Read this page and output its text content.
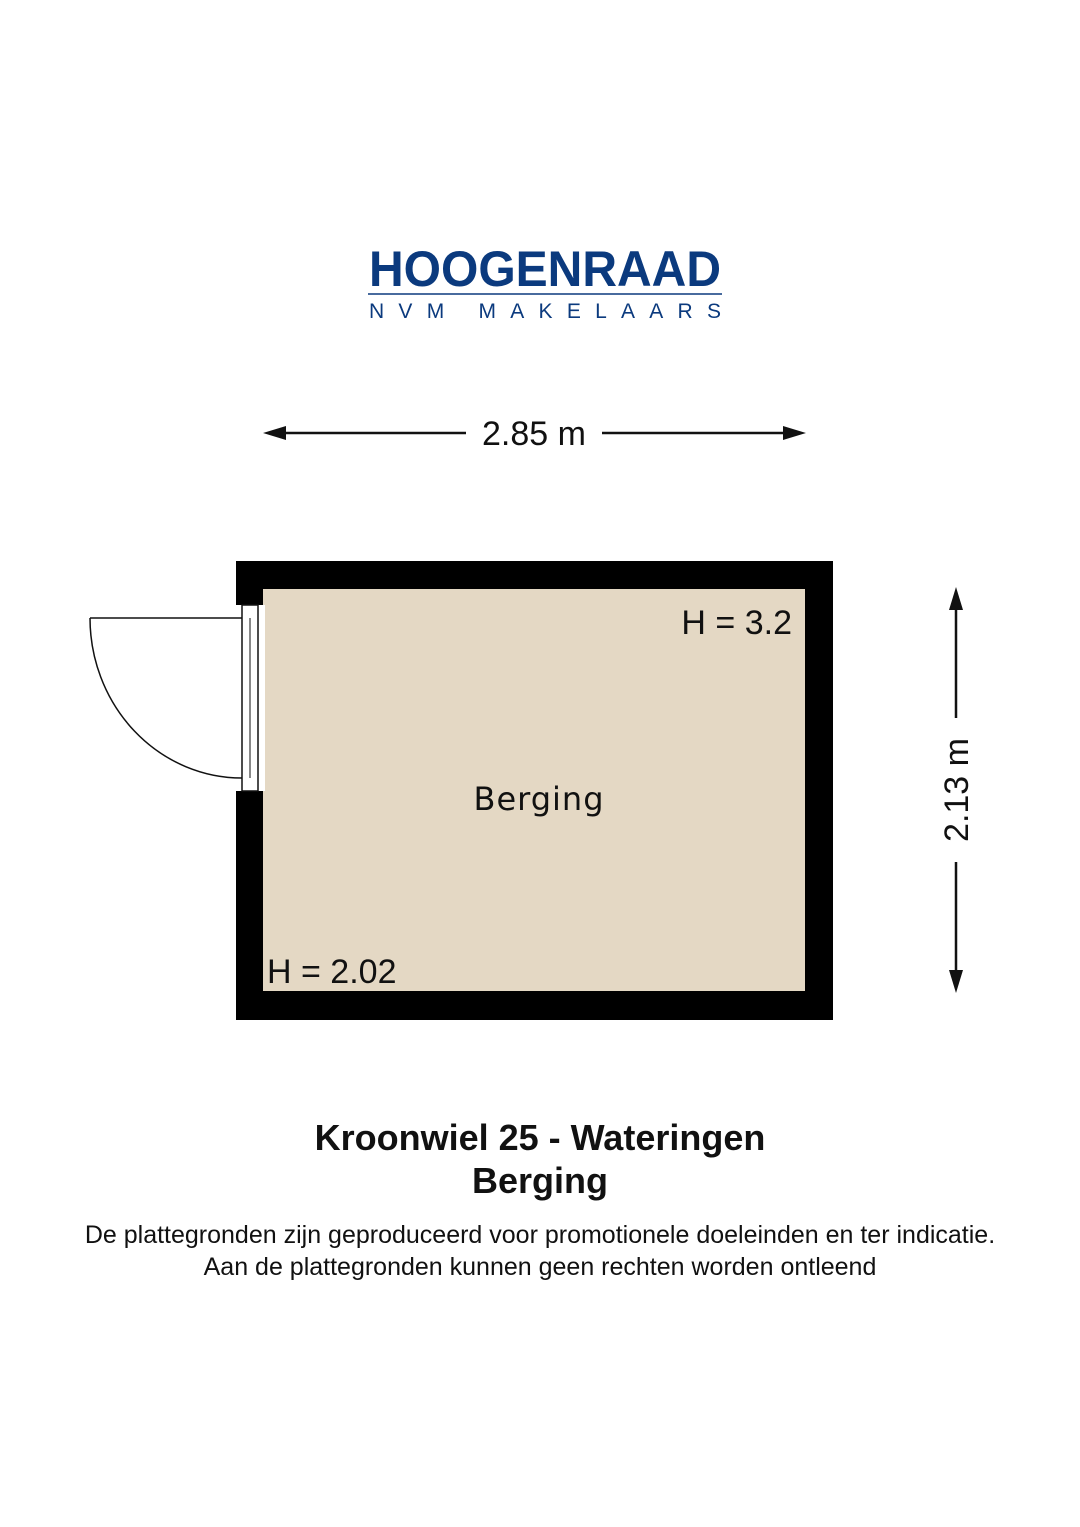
HOOGENRAAD
NVM MAKELAARS
2.85 m
H = 3.2
Berging
H = 2.02
2.13 m
Kroonwiel 25 - Wateringen
Berging
De plattegronden zijn geproduceerd voor promotionele doeleinden en ter indicatie.
Aan de plattegronden kunnen geen rechten worden ontleend
